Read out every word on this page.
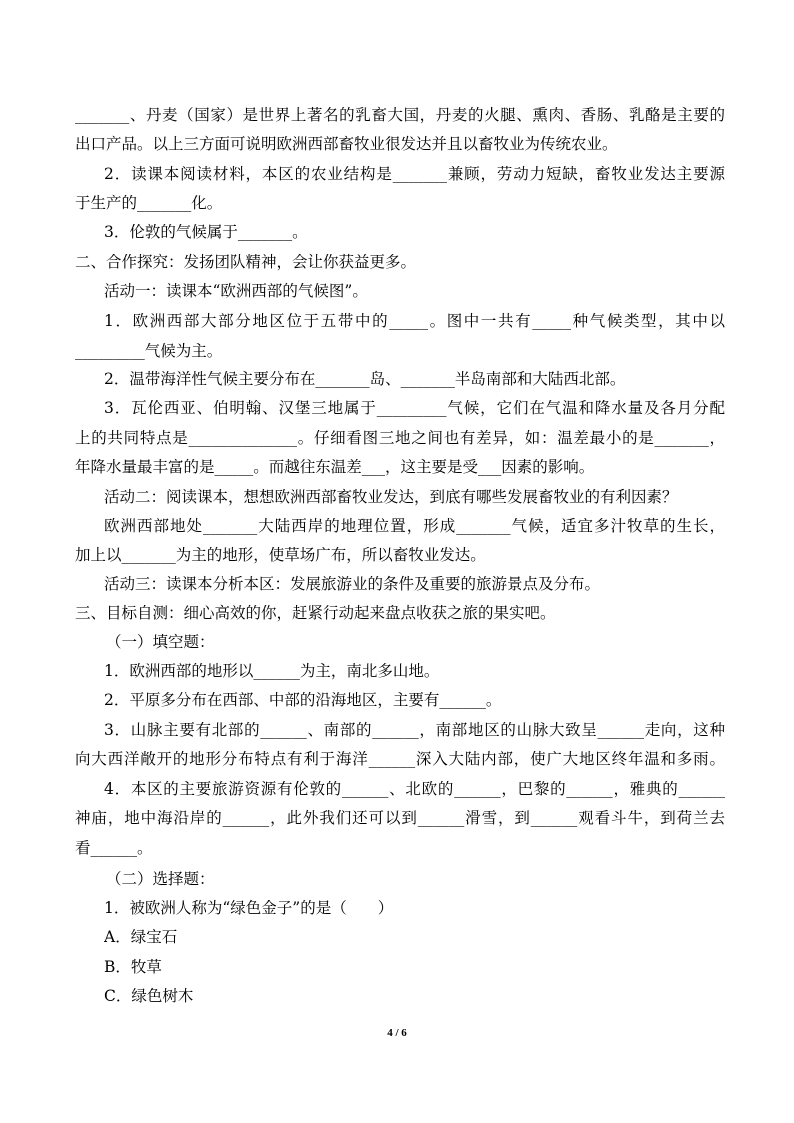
_______、丹麦（国家）是世界上著名的乳畜大国，丹麦的火腿、熏肉、香肠、乳酪是主要的
出口产品。以上三方面可说明欧洲西部畜牧业很发达并且以畜牧业为传统农业。
2．读课本阅读材料，本区的农业结构是_______兼顾，劳动力短缺，畜牧业发达主要源
于生产的_______化。
3．伦敦的气候属于_______。
二、合作探究：发扬团队精神，会让你获益更多。
活动一：读课本“欧洲西部的气候图”。
1．欧洲西部大部分地区位于五带中的_____。图中一共有_____种气候类型，其中以
_________气候为主。
2．温带海洋性气候主要分布在_______岛、_______半岛南部和大陆西北部。
3．瓦伦西亚、伯明翰、汉堡三地属于_________气候，它们在气温和降水量及各月分配
上的共同特点是______________。仔细看图三地之间也有差异，如：温差最小的是_______，
年降水量最丰富的是_____。而越往东温差___，这主要是受___因素的影响。
活动二：阅读课本，想想欧洲西部畜牧业发达，到底有哪些发展畜牧业的有利因素？
欧洲西部地处_______大陆西岸的地理位置，形成_______气候，适宜多汁牧草的生长，
加上以_______为主的地形，使草场广布，所以畜牧业发达。
活动三：读课本分析本区：发展旅游业的条件及重要的旅游景点及分布。
三、目标自测：细心高效的你，赶紧行动起来盘点收获之旅的果实吧。
（一）填空题：
1．欧洲西部的地形以______为主，南北多山地。
2．平原多分布在西部、中部的沿海地区，主要有______。
3．山脉主要有北部的______、南部的______，南部地区的山脉大致呈______走向，这种
向大西洋敞开的地形分布特点有利于海洋______深入大陆内部，使广大地区终年温和多雨。
4．本区的主要旅游资源有伦敦的______、北欧的______，巴黎的______，雅典的______
神庙，地中海沿岸的______，此外我们还可以到______滑雪，到______观看斗牛，到荷兰去
看______。
（二）选择题：
1．被欧洲人称为“绿色金子”的是（　　）
A．绿宝石
B．牧草
C．绿色树木
4 / 6
